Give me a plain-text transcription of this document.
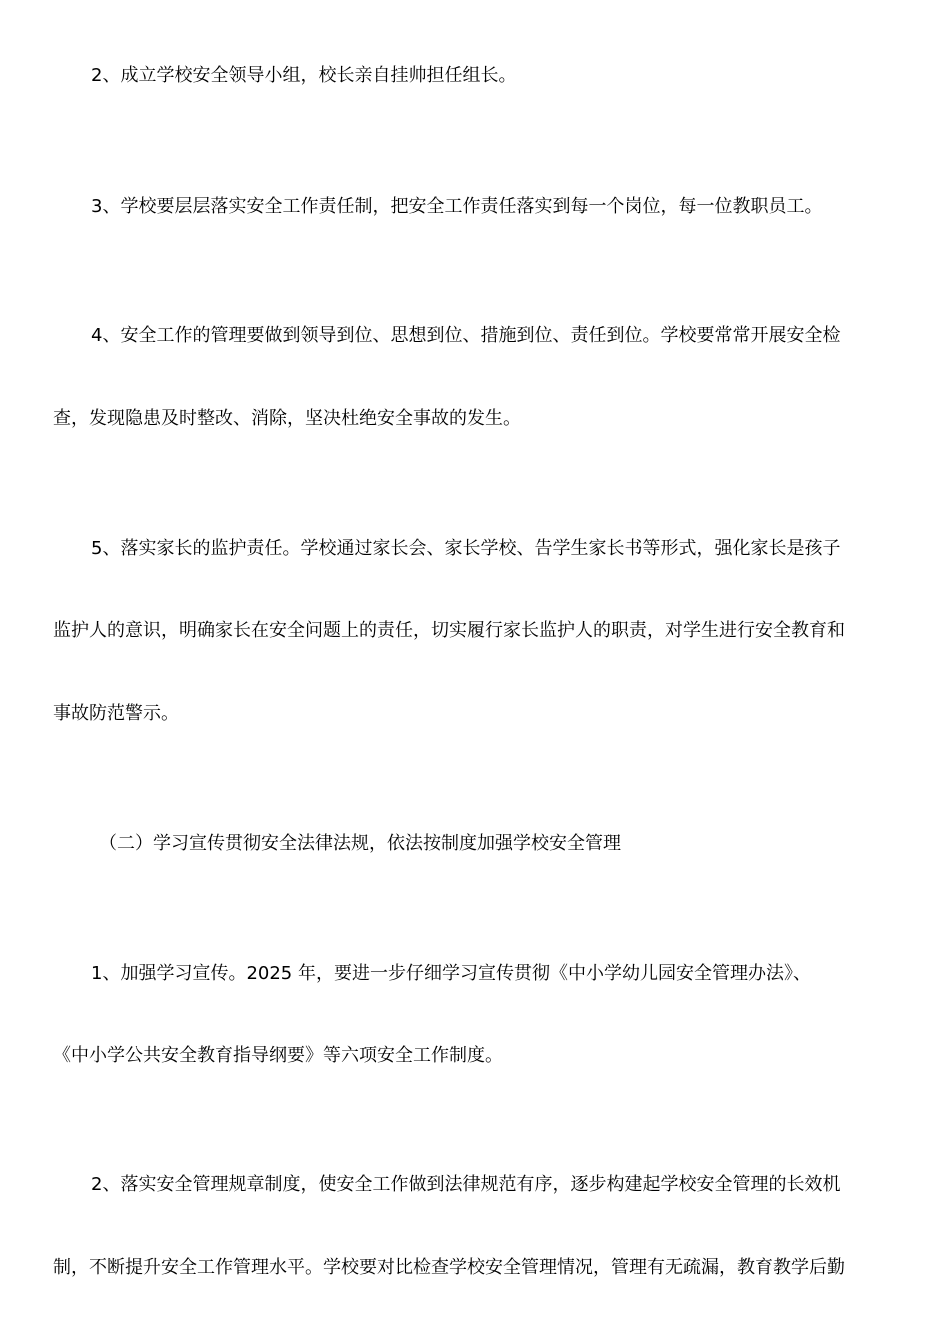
2、成立学校安全领导小组，校长亲自挂帅担任组长。
3、学校要层层落实安全工作责任制，把安全工作责任落实到每一个岗位，每一位教职员工。
4、安全工作的管理要做到领导到位、思想到位、措施到位、责任到位。学校要常常开展安全检
查，发现隐患及时整改、消除，坚决杜绝安全事故的发生。
5、落实家长的监护责任。学校通过家长会、家长学校、告学生家长书等形式，强化家长是孩子
监护人的意识，明确家长在安全问题上的责任，切实履行家长监护人的职责，对学生进行安全教育和
事故防范警示。
（二）学习宣传贯彻安全法律法规，依法按制度加强学校安全管理
1、加强学习宣传。2025 年，要进一步仔细学习宣传贯彻《中小学幼儿园安全管理办法》、
《中小学公共安全教育指导纲要》等六项安全工作制度。
2、落实安全管理规章制度，使安全工作做到法律规范有序，逐步构建起学校安全管理的长效机
制，不断提升安全工作管理水平。学校要对比检查学校安全管理情况，管理有无疏漏，教育教学后勤
